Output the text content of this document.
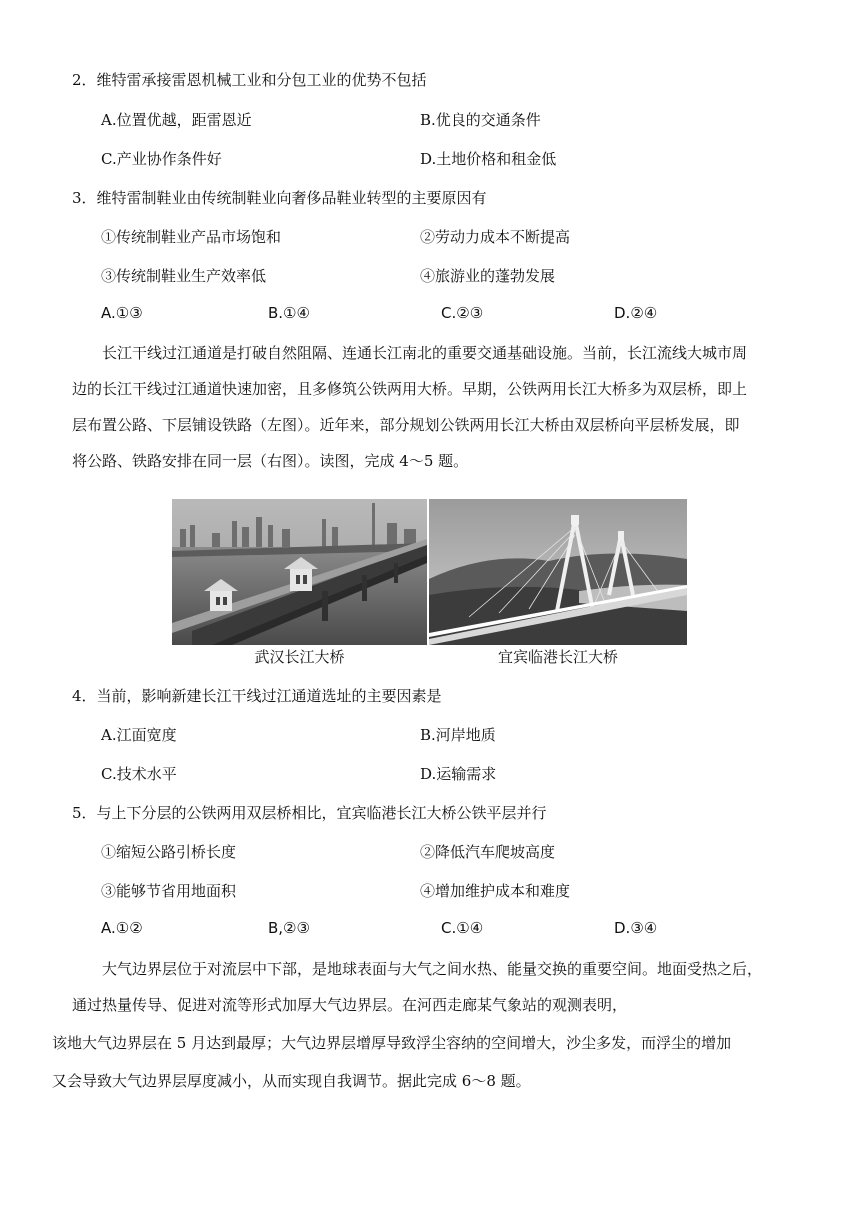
2．维特雷承接雷恩机械工业和分包工业的优势不包括
A.位置优越，距雷恩近	B.优良的交通条件
C.产业协作条件好	D.土地价格和租金低
3．维特雷制鞋业由传统制鞋业向奢侈品鞋业转型的主要原因有
①传统制鞋业产品市场饱和	②劳动力成本不断提高
③传统制鞋业生产效率低	④旅游业的蓬勃发展
A.①③	B.①④	C.②③	D.②④
长江干线过江通道是打破自然阻隔、连通长江南北的重要交通基础设施。当前，长江流线大城市周
边的长江干线过江通道快速加密，且多修筑公铁两用大桥。早期，公铁两用长江大桥多为双层桥，即上
层布置公路、下层铺设铁路（左图）。近年来，部分规划公铁两用长江大桥由双层桥向平层桥发展，即
将公路、铁路安排在同一层（右图）。读图，完成 4～5 题。
武汉长江大桥	宜宾临港长江大桥
4．当前，影响新建长江干线过江通道选址的主要因素是
A.江面宽度	B.河岸地质
C.技术水平	D.运输需求
5．与上下分层的公铁两用双层桥相比，宜宾临港长江大桥公铁平层并行
①缩短公路引桥长度	②降低汽车爬坡高度
③能够节省用地面积	④增加维护成本和难度
A.①②	B,②③	C.①④	D.③④
大气边界层位于对流层中下部，是地球表面与大气之间水热、能量交换的重要空间。地面受热之后，
通过热量传导、促进对流等形式加厚大气边界层。在河西走廊某气象站的观测表明，
该地大气边界层在 5 月达到最厚；大气边界层增厚导致浮尘容纳的空间增大，沙尘多发，而浮尘的增加
又会导致大气边界层厚度减小，从而实现自我调节。据此完成 6～8 题。
